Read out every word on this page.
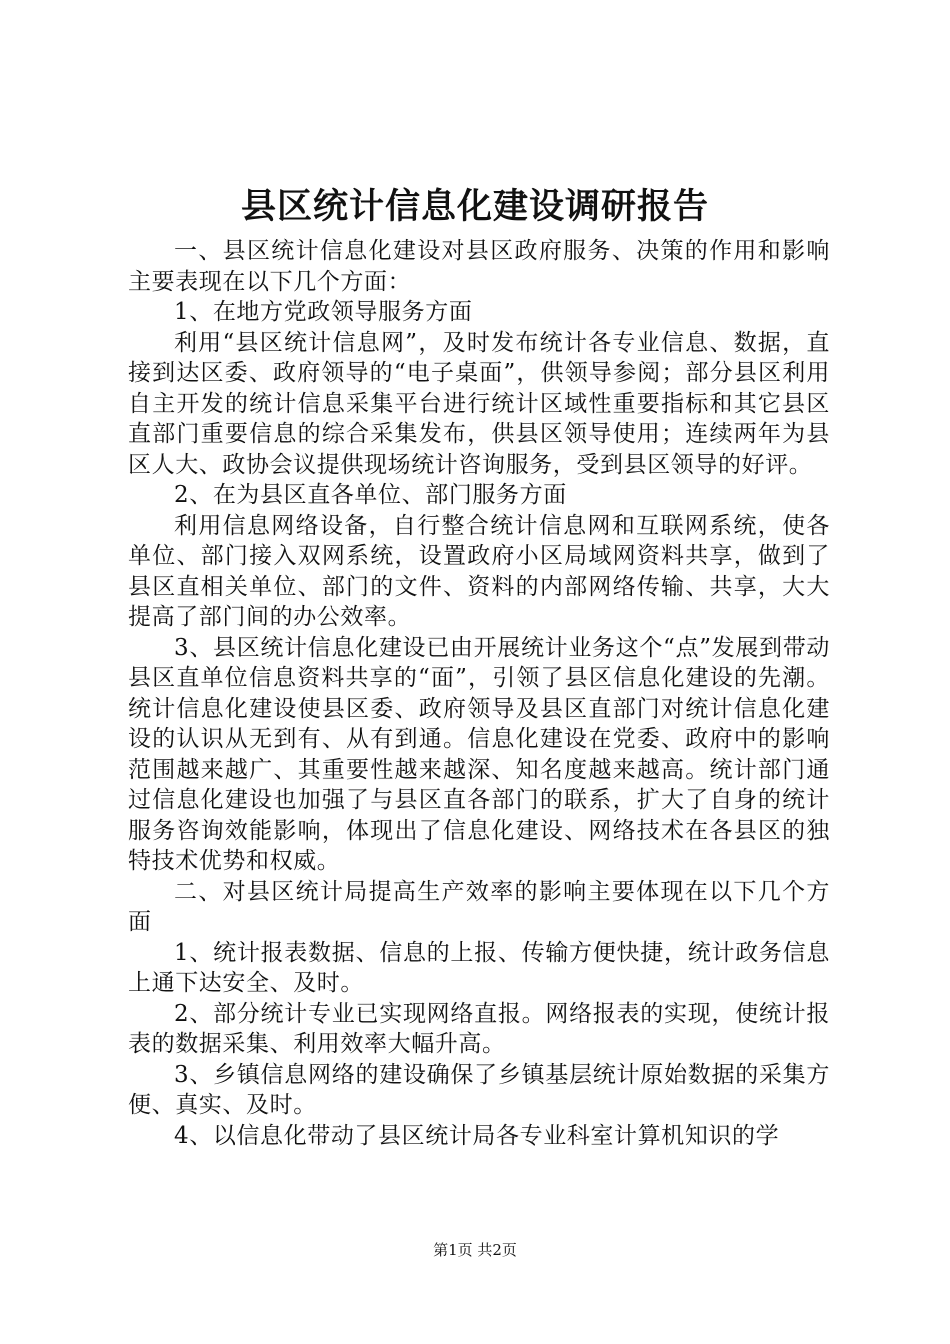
县区统计信息化建设调研报告

一、县区统计信息化建设对县区政府服务、决策的作用和影响主要表现在以下几个方面：

1、在地方党政领导服务方面

利用“县区统计信息网”，及时发布统计各专业信息、数据，直接到达区委、政府领导的“电子桌面”，供领导参阅；部分县区利用自主开发的统计信息采集平台进行统计区域性重要指标和其它县区直部门重要信息的综合采集发布，供县区领导使用；连续两年为县区人大、政协会议提供现场统计咨询服务，受到县区领导的好评。

2、在为县区直各单位、部门服务方面

利用信息网络设备，自行整合统计信息网和互联网系统，使各单位、部门接入双网系统，设置政府小区局域网资料共享，做到了县区直相关单位、部门的文件、资料的内部网络传输、共享，大大提高了部门间的办公效率。

3、县区统计信息化建设已由开展统计业务这个“点”发展到带动县区直单位信息资料共享的“面”，引领了县区信息化建设的先潮。统计信息化建设使县区委、政府领导及县区直部门对统计信息化建设的认识从无到有、从有到通。信息化建设在党委、政府中的影响范围越来越广、其重要性越来越深、知名度越来越高。统计部门通过信息化建设也加强了与县区直各部门的联系，扩大了自身的统计服务咨询效能影响，体现出了信息化建设、网络技术在各县区的独特技术优势和权威。

二、对县区统计局提高生产效率的影响主要体现在以下几个方面

1、统计报表数据、信息的上报、传输方便快捷，统计政务信息上通下达安全、及时。

2、部分统计专业已实现网络直报。网络报表的实现，使统计报表的数据采集、利用效率大幅升高。

3、乡镇信息网络的建设确保了乡镇基层统计原始数据的采集方便、真实、及时。

4、以信息化带动了县区统计局各专业科室计算机知识的学

第1页 共2页
